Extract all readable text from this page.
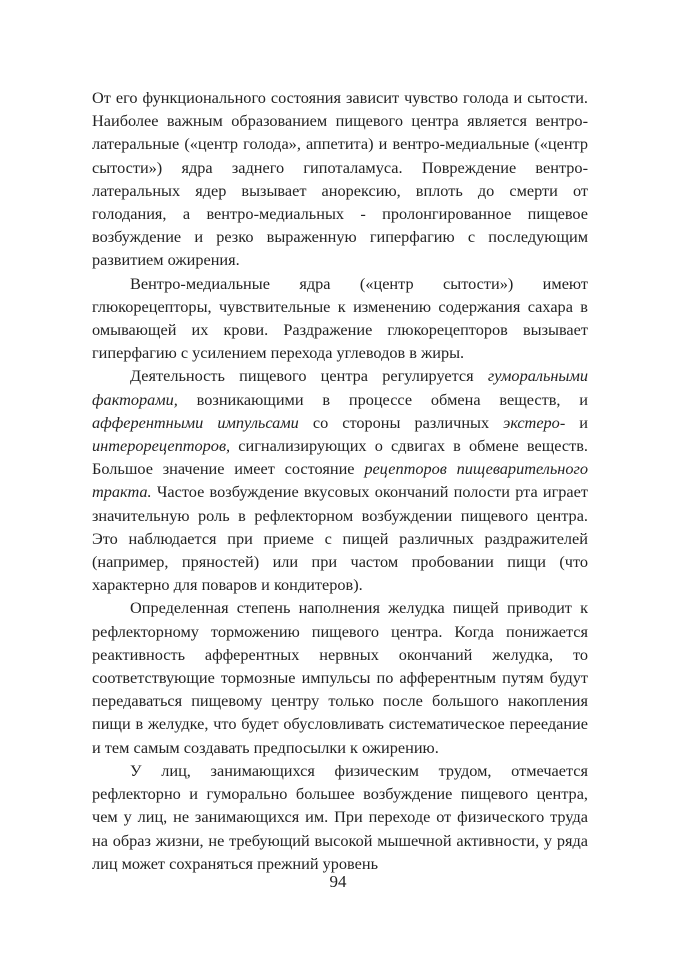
От его функционального состояния зависит чувство голода и сытости. Наиболее важным образованием пищевого центра является вентро-латеральные («центр голода», аппетита) и вентро-медиальные («центр сытости») ядра заднего гипоталамуса. Повреждение вентро-латеральных ядер вызывает анорексию, вплоть до смерти от голодания, а вентро-медиальных - пролонгированное пищевое возбуждение и резко выраженную гиперфагию с последующим развитием ожирения.

Вентро-медиальные ядра («центр сытости») имеют глюкорецепторы, чувствительные к изменению содержания сахара в омывающей их крови. Раздражение глюкорецепторов вызывает гиперфагию с усилением перехода углеводов в жиры.

Деятельность пищевого центра регулируется гуморальными факторами, возникающими в процессе обмена веществ, и афферентными импульсами со стороны различных экстеро- и интерорецепторов, сигнализирующих о сдвигах в обмене веществ. Большое значение имеет состояние рецепторов пищеварительного тракта. Частое возбуждение вкусовых окончаний полости рта играет значительную роль в рефлекторном возбуждении пищевого центра. Это наблюдается при приеме с пищей различных раздражителей (например, пряностей) или при частом пробовании пищи (что характерно для поваров и кондитеров).

Определенная степень наполнения желудка пищей приводит к рефлекторному торможению пищевого центра. Когда понижается реактивность афферентных нервных окончаний желудка, то соответствующие тормозные импульсы по афферентным путям будут передаваться пищевому центру только после большого накопления пищи в желудке, что будет обусловливать систематическое переедание и тем самым создавать предпосылки к ожирению.

У лиц, занимающихся физическим трудом, отмечается рефлекторно и гуморально большее возбуждение пищевого центра, чем у лиц, не занимающихся им. При переходе от физического труда на образ жизни, не требующий высокой мышечной активности, у ряда лиц может сохраняться прежний уровень

94
